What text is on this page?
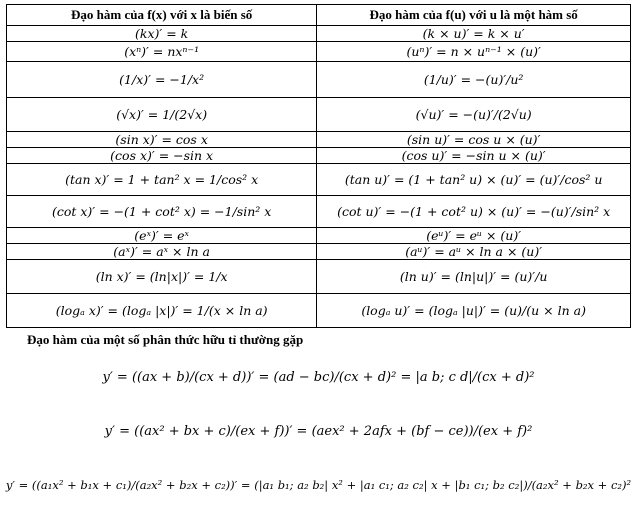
Đạo hàm của f(x) với x là biến số	Đạo hàm của f(u) với u là một hàm số
(kx)′ = k	(k × u)′ = k × u′
(xⁿ)′ = nxⁿ⁻¹	(uⁿ)′ = n × uⁿ⁻¹ × (u)′
(1/x)′ = −1/x²	(1/u)′ = −(u)′/u²
(√x)′ = 1/(2√x)	(√u)′ = −(u)′/(2√u)
(sin x)′ = cos x	(sin u)′ = cos u × (u)′
(cos x)′ = −sin x	(cos u)′ = −sin u × (u)′
(tan x)′ = 1 + tan² x = 1/cos² x	(tan u)′ = (1 + tan² u) × (u)′ = (u)′/cos² u
(cot x)′ = −(1 + cot² x) = −1/sin² x	(cot u)′ = −(1 + cot² u) × (u)′ = −(u)′/sin² x
(eˣ)′ = eˣ	(eᵘ)′ = eᵘ × (u)′
(aˣ)′ = aˣ × ln a	(aᵘ)′ = aᵘ × ln a × (u)′
(ln x)′ = (ln|x|)′ = 1/x	(ln u)′ = (ln|u|)′ = (u)′/u
(logₐ x)′ = (logₐ |x|)′ = 1/(x × ln a)	(logₐ u)′ = (logₐ |u|)′ = (u)/(u × ln a)
Đạo hàm của một số phân thức hữu tỉ thường gặp
y′ = ((ax + b)/(cx + d))′ = (ad − bc)/(cx + d)² = |a b; c d|/(cx + d)²
y′ = ((ax² + bx + c)/(ex + f))′ = (aex² + 2afx + (bf − ce))/(ex + f)²
y′ = ((a₁x² + b₁x + c₁)/(a₂x² + b₂x + c₂))′ = (|a₁ b₁; a₂ b₂| x² + |a₁ c₁; a₂ c₂| x + |b₁ c₁; b₂ c₂|)/(a₂x² + b₂x + c₂)²
